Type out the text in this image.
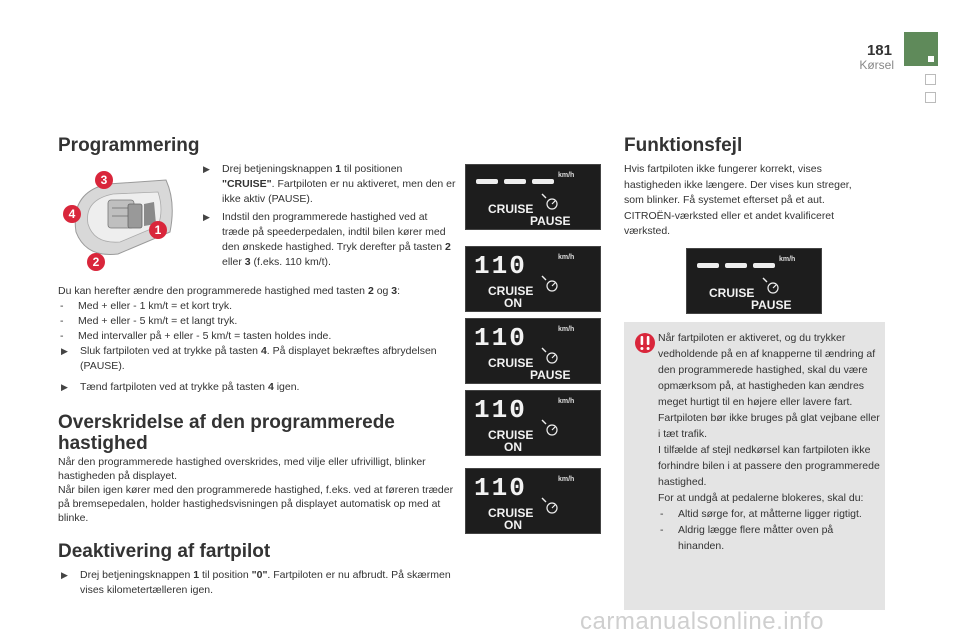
181
Kørsel
Programmering
3
4
1
2
▶ Drej betjeningsknappen 1 til positionen "CRUISE". Fartpiloten er nu aktiveret, men den er ikke aktiv (PAUSE).
▶ Indstil den programmerede hastighed ved at træde på speederpedalen, indtil bilen kører med den ønskede hastighed. Tryk derefter på tasten 2 eller 3 (f.eks. 110 km/t).
Du kan herefter ændre den programmerede hastighed med tasten 2 og 3:
- Med + eller - 1 km/t = et kort tryk.
- Med + eller - 5 km/t = et langt tryk.
- Med intervaller på + eller - 5 km/t = tasten holdes inde.
▶ Sluk fartpiloten ved at trykke på tasten 4. På displayet bekræftes afbrydelsen (PAUSE).
▶ Tænd fartpiloten ved at trykke på tasten 4 igen.
Overskridelse af den programmerede
hastighed
Når den programmerede hastighed overskrides, med vilje eller ufrivilligt, blinker hastigheden på displayet.
Når bilen igen kører med den programmerede hastighed, f.eks. ved at føreren træder på bremsepedalen, holder hastighedsvisningen på displayet automatisk op med at blinke.
Deaktivering af fartpilot
▶ Drej betjeningsknappen 1 til position "0". Fartpiloten er nu afbrudt. På skærmen vises kilometertælleren igen.
km/h
CRUISE
PAUSE
110	km/h
CRUISE
ON
110	km/h
CRUISE
PAUSE
110	km/h
CRUISE
ON
110	km/h
CRUISE
ON
Funktionsfejl
Hvis fartpiloten ikke fungerer korrekt, vises hastigheden ikke længere. Der vises kun streger, som blinker. Få systemet efterset på et aut. CITROËN-værksted eller et andet kvalificeret værksted.
km/h
CRUISE
PAUSE
Når fartpiloten er aktiveret, og du trykker vedholdende på en af knapperne til ændring af den programmerede hastighed, skal du være opmærksom på, at hastigheden kan ændres meget hurtigt til en højere eller lavere fart.
Fartpiloten bør ikke bruges på glat vejbane eller i tæt trafik.
I tilfælde af stejl nedkørsel kan fartpiloten ikke forhindre bilen i at passere den programmerede hastighed.
For at undgå at pedalerne blokeres, skal du:
- Altid sørge for, at måtterne ligger rigtigt.
- Aldrig lægge flere måtter oven på hinanden.
carmanualsonline.info
